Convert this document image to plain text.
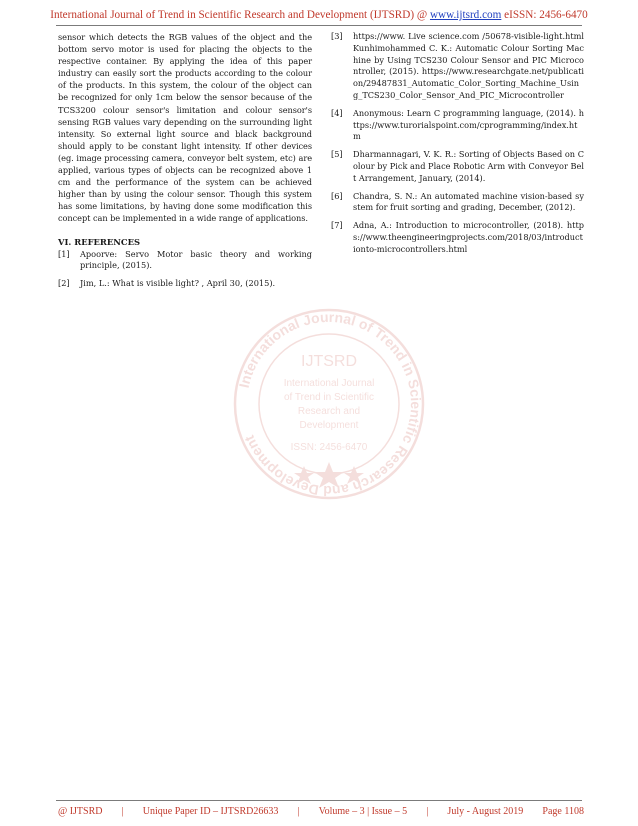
International Journal of Trend in Scientific Research and Development (IJTSRD) @ www.ijtsrd.com eISSN: 2456-6470

sensor which detects the RGB values of the object and the bottom servo motor is used for placing the objects to the respective container. By applying the idea of this paper industry can easily sort the products according to the colour of the products. In this system, the colour of the object can be recognized for only 1cm below the sensor because of the TCS3200 colour sensor's limitation and colour sensor's sensing RGB values vary depending on the surrounding light intensity. So external light source and black background should apply to be constant light intensity. If other devices (eg. image processing camera, conveyor belt system, etc) are applied, various types of objects can be recognized above 1 cm and the performance of the system can be achieved higher than by using the colour sensor. Though this system has some limitations, by having done some modification this concept can be implemented in a wide range of applications.

VI. REFERENCES
[1]	Apoorve: Servo Motor basic theory and working principle, (2015).
[2]	Jim, L.: What is visible light? , April 30, (2015).
[3]	https://www. Live science.com /50678-visible-light.html Kunhimohammed C. K.: Automatic Colour Sorting Machine by Using TCS230 Colour Sensor and PIC Microcontroller, (2015). https://www.researchgate.net/publication/29487831_Automatic_Color_Sorting_Machine_Using_TCS230_Color_Sensor_And_PIC_Microcontroller
[4]	Anonymous: Learn C programming language, (2014). https://www.turorialspoint.com/cprogramming/index.htm
[5]	Dharmannagari, V. K. R.: Sorting of Objects Based on Colour by Pick and Place Robotic Arm with Conveyor Belt Arrangement, January, (2014).
[6]	Chandra, S. N.: An automated machine vision-based system for fruit sorting and grading, December, (2012).
[7]	Adna, A.: Introduction to microcontroller, (2018). https://www.theengineeringprojects.com/2018/03/introductionto-microcontrollers.html
International Journal of Trend in Scientific Research and Development
IJTSRD
International Journal
of Trend in Scientific
Research and
Development
ISSN: 2456-6470
@ IJTSRD | Unique Paper ID – IJTSRD26633 | Volume – 3 | Issue – 5 | July - August 2019 Page 1108
